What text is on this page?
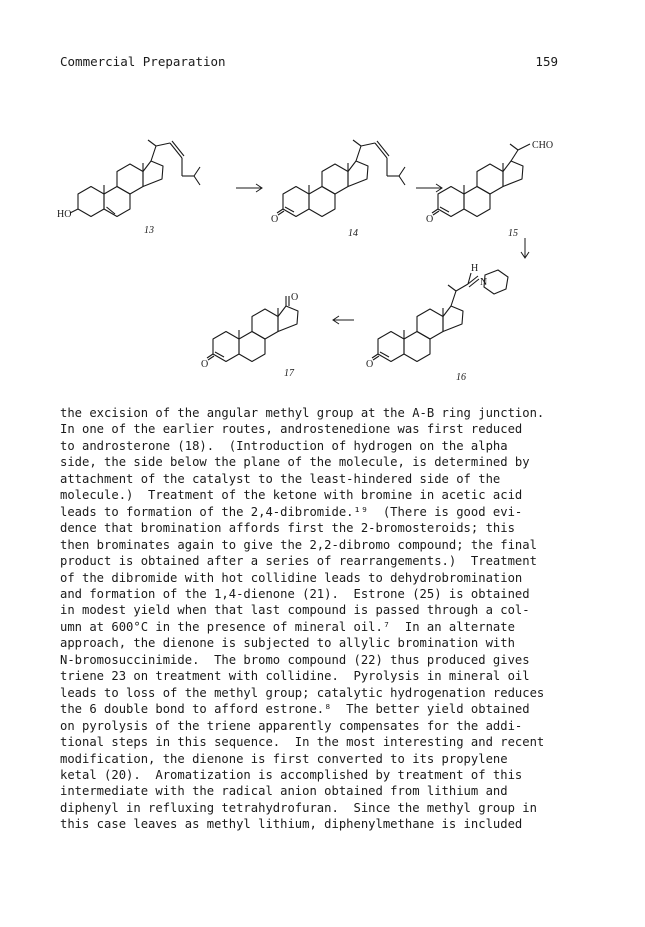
Commercial Preparation	159
HO	O
CHO
O
H
N
O
O
O
13	14	15
16
17
the excision of the angular methyl group at the A-B ring junction.
In one of the earlier routes, androstenedione was first reduced
to androsterone (18).  (Introduction of hydrogen on the alpha
side, the side below the plane of the molecule, is determined by
attachment of the catalyst to the least-hindered side of the
molecule.)  Treatment of the ketone with bromine in acetic acid
leads to formation of the 2,4-dibromide.¹⁹  (There is good evi-
dence that bromination affords first the 2-bromosteroids; this
then brominates again to give the 2,2-dibromo compound; the final
product is obtained after a series of rearrangements.)  Treatment
of the dibromide with hot collidine leads to dehydrobromination
and formation of the 1,4-dienone (21).  Estrone (25) is obtained
in modest yield when that last compound is passed through a col-
umn at 600°C in the presence of mineral oil.⁷  In an alternate
approach, the dienone is subjected to allylic bromination with
N-bromosuccinimide.  The bromo compound (22) thus produced gives
triene 23 on treatment with collidine.  Pyrolysis in mineral oil
leads to loss of the methyl group; catalytic hydrogenation reduces
the 6 double bond to afford estrone.⁸  The better yield obtained
on pyrolysis of the triene apparently compensates for the addi-
tional steps in this sequence.  In the most interesting and recent
modification, the dienone is first converted to its propylene
ketal (20).  Aromatization is accomplished by treatment of this
intermediate with the radical anion obtained from lithium and
diphenyl in refluxing tetrahydrofuran.  Since the methyl group in
this case leaves as methyl lithium, diphenylmethane is included
